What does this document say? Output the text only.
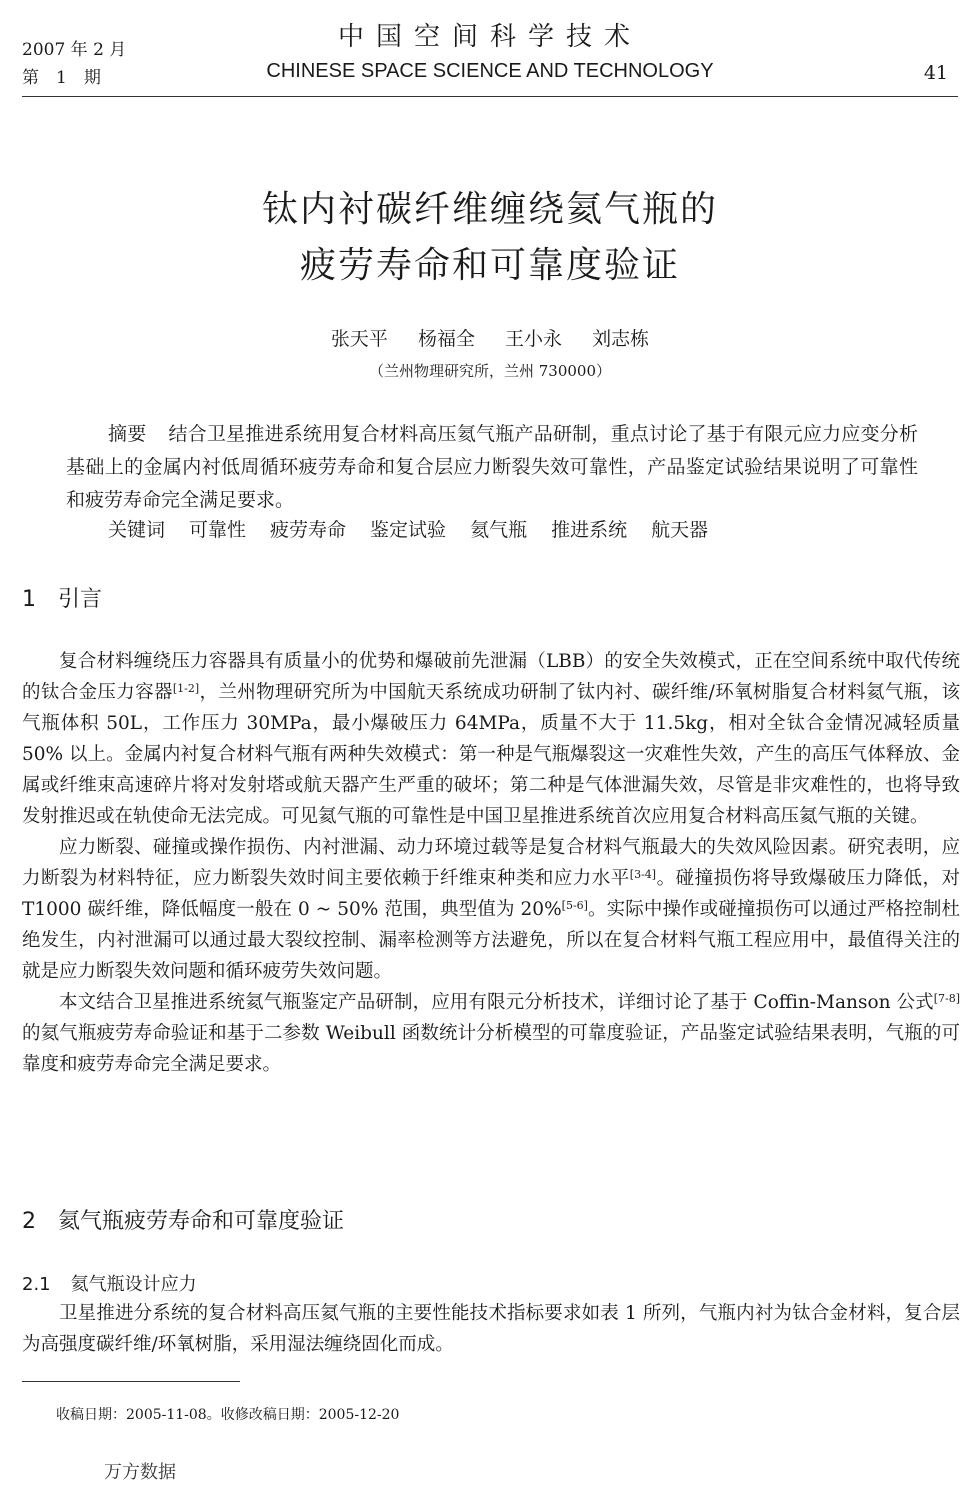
2007 年 2 月
第　1　期
中国空间科学技术
CHINESE SPACE SCIENCE AND TECHNOLOGY	41
钛内衬碳纤维缠绕氦气瓶的
疲劳寿命和可靠度验证
张天平 杨福全 王小永 刘志栋
（兰州物理研究所，兰州 730000）
摘要 结合卫星推进系统用复合材料高压氦气瓶产品研制，重点讨论了基于有限元应力应变分析基础上的金属内衬低周循环疲劳寿命和复合层应力断裂失效可靠性，产品鉴定试验结果说明了可靠性和疲劳寿命完全满足要求。
关键词 可靠性 疲劳寿命 鉴定试验 氦气瓶 推进系统 航天器
1 引言

复合材料缠绕压力容器具有质量小的优势和爆破前先泄漏（LBB）的安全失效模式，正在空间系统中取代传统的钛合金压力容器[1-2]，兰州物理研究所为中国航天系统成功研制了钛内衬、碳纤维/环氧树脂复合材料氦气瓶，该气瓶体积 50L，工作压力 30MPa，最小爆破压力 64MPa，质量不大于 11.5kg，相对全钛合金情况减轻质量 50% 以上。金属内衬复合材料气瓶有两种失效模式：第一种是气瓶爆裂这一灾难性失效，产生的高压气体释放、金属或纤维束高速碎片将对发射塔或航天器产生严重的破坏；第二种是气体泄漏失效，尽管是非灾难性的，也将导致发射推迟或在轨使命无法完成。可见氦气瓶的可靠性是中国卫星推进系统首次应用复合材料高压氦气瓶的关键。

应力断裂、碰撞或操作损伤、内衬泄漏、动力环境过载等是复合材料气瓶最大的失效风险因素。研究表明，应力断裂为材料特征，应力断裂失效时间主要依赖于纤维束种类和应力水平[3-4]。碰撞损伤将导致爆破压力降低，对 T1000 碳纤维，降低幅度一般在 0 ~ 50% 范围，典型值为 20%[5-6]。实际中操作或碰撞损伤可以通过严格控制杜绝发生，内衬泄漏可以通过最大裂纹控制、漏率检测等方法避免，所以在复合材料气瓶工程应用中，最值得关注的就是应力断裂失效问题和循环疲劳失效问题。

本文结合卫星推进系统氦气瓶鉴定产品研制，应用有限元分析技术，详细讨论了基于 Coffin-Manson 公式[7-8]的氦气瓶疲劳寿命验证和基于二参数 Weibull 函数统计分析模型的可靠度验证，产品鉴定试验结果表明，气瓶的可靠度和疲劳寿命完全满足要求。

2 氦气瓶疲劳寿命和可靠度验证
2.1 氦气瓶设计应力

卫星推进分系统的复合材料高压氦气瓶的主要性能技术指标要求如表 1 所列，气瓶内衬为钛合金材料，复合层为高强度碳纤维/环氧树脂，采用湿法缠绕固化而成。

收稿日期：2005-11-08。收修改稿日期：2005-12-20
万方数据
